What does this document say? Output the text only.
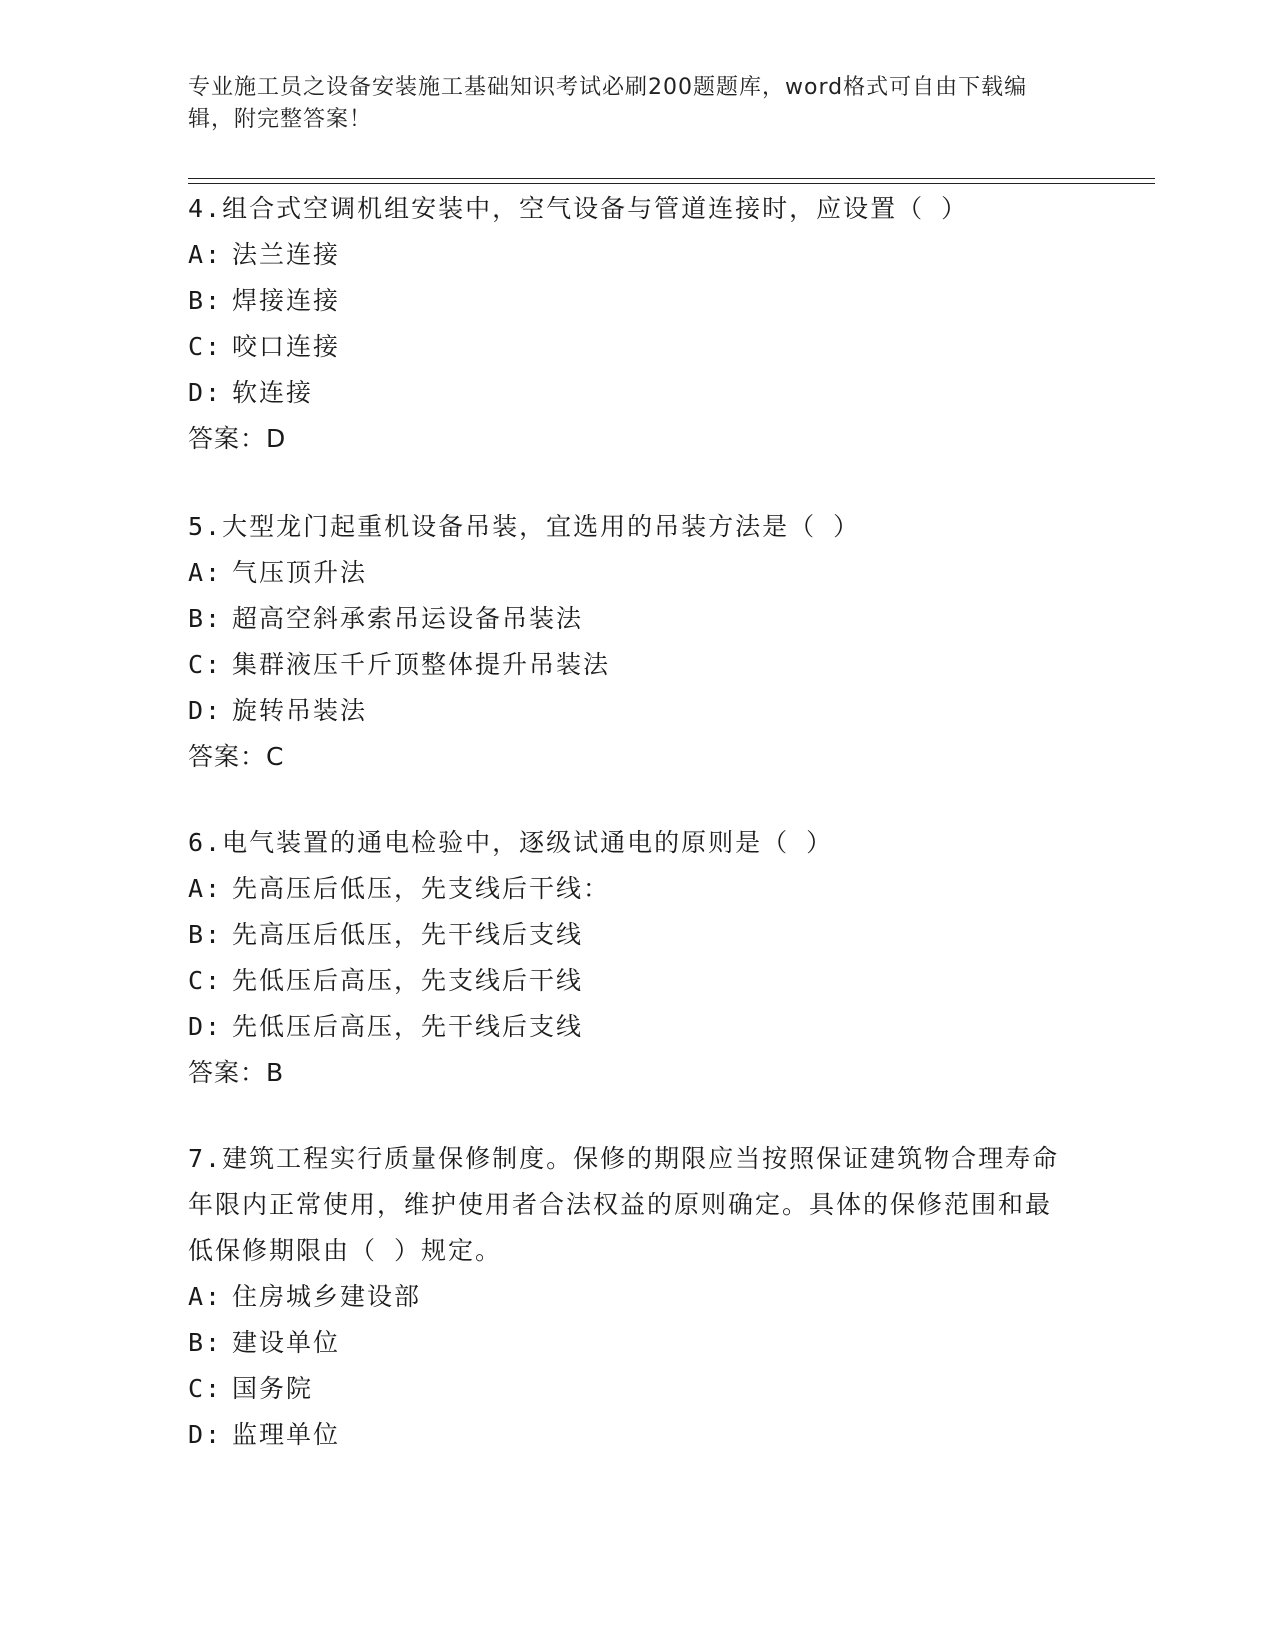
专业施工员之设备安装施工基础知识考试必刷200题题库，word格式可自由下载编辑，附完整答案！

4.组合式空调机组安装中，空气设备与管道连接时，应设置（ ）

A: 法兰连接

B: 焊接连接

C: 咬口连接

D: 软连接

答案：D

5.大型龙门起重机设备吊装，宜选用的吊装方法是（ ）

A: 气压顶升法

B: 超高空斜承索吊运设备吊装法

C: 集群液压千斤顶整体提升吊装法

D: 旋转吊装法

答案：C

6.电气装置的通电检验中，逐级试通电的原则是（ ）

A: 先高压后低压，先支线后干线：

B: 先高压后低压，先干线后支线

C: 先低压后高压，先支线后干线

D: 先低压后高压，先干线后支线

答案：B

7.建筑工程实行质量保修制度。保修的期限应当按照保证建筑物合理寿命年限内正常使用，维护使用者合法权益的原则确定。具体的保修范围和最低保修期限由（ ）规定。

A: 住房城乡建设部

B: 建设单位

C: 国务院

D: 监理单位
